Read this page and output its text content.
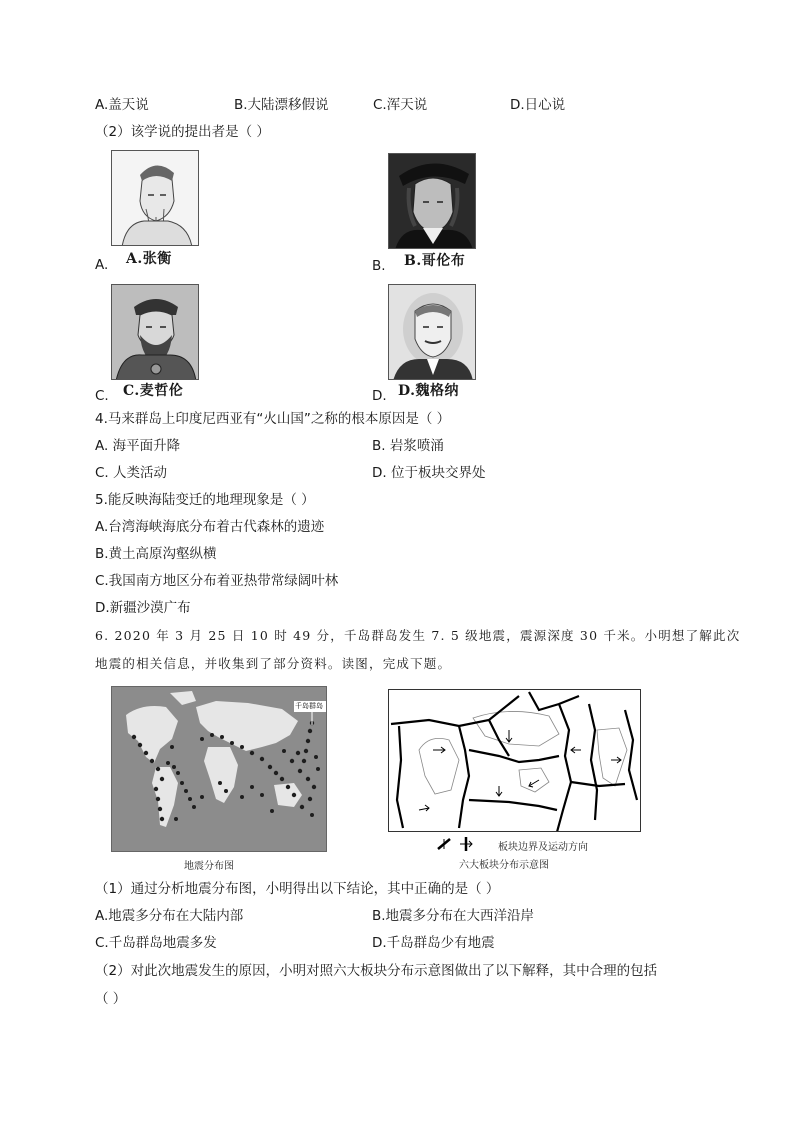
A.盖天说	B.大陆漂移假说	C.浑天说	D.日心说
（2）该学说的提出者是（ ）
A. A.张衡	B. B.哥伦布
C. C.麦哲伦	D. D.魏格纳
4.马来群岛上印度尼西亚有“火山国”之称的根本原因是（ ）
A. 海平面升降	B. 岩浆喷涌
C. 人类活动	D. 位于板块交界处
5.能反映海陆变迁的地理现象是（ ）
A.台湾海峡海底分布着古代森林的遗迹
B.黄土高原沟壑纵横
C.我国南方地区分布着亚热带常绿阔叶林
D.新疆沙漠广布
6. 2020 年 3 月 25 日 10 时 49 分，千岛群岛发生 7. 5 级地震，震源深度 30 千米。小明想了解此次
地震的相关信息，并收集到了部分资料。读图，完成下题。
千岛群岛
地震分布图
板块边界及运动方向
六大板块分布示意图
（1）通过分析地震分布图，小明得出以下结论，其中正确的是（ ）
A.地震多分布在大陆内部	B.地震多分布在大西洋沿岸
C.千岛群岛地震多发	D.千岛群岛少有地震
（2）对此次地震发生的原因，小明对照六大板块分布示意图做出了以下解释，其中合理的包括
（ ）
